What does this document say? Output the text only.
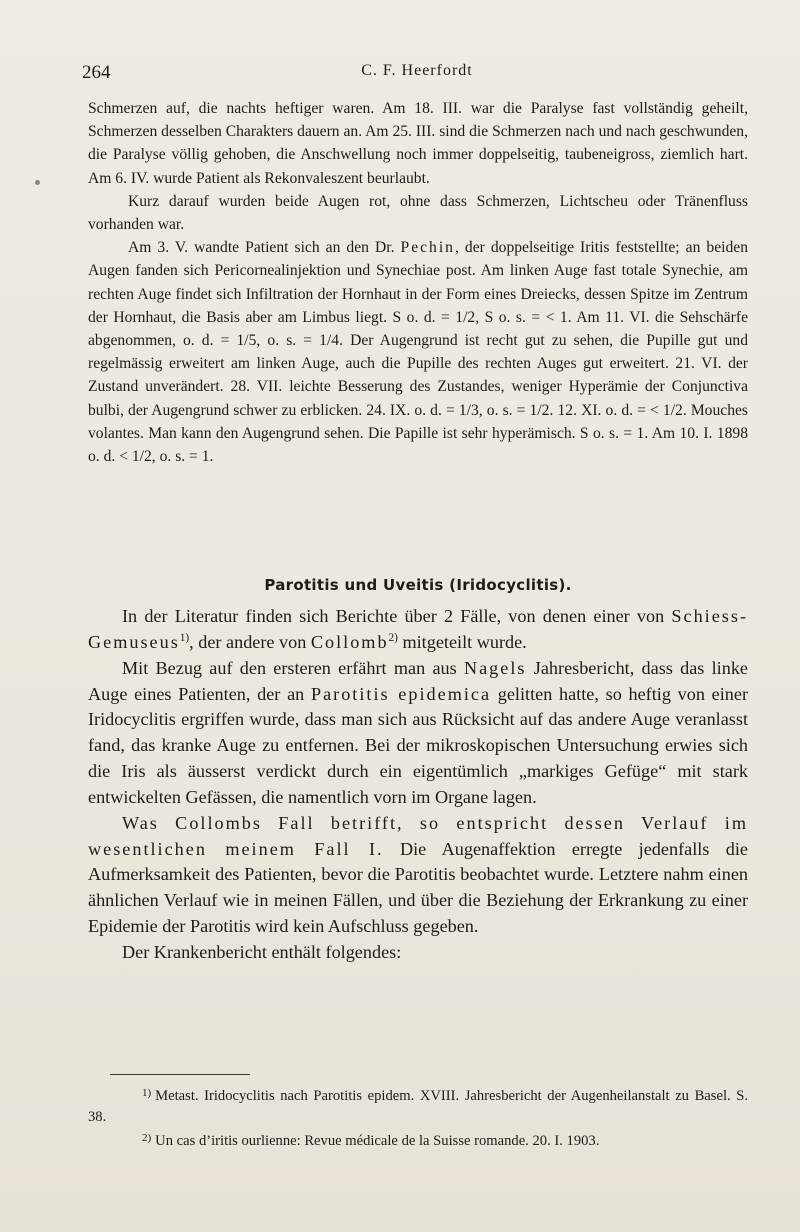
264	C. F. Heerfordt

Schmerzen auf, die nachts heftiger waren. Am 18. III. war die Paralyse fast vollständig geheilt, Schmerzen desselben Charakters dauern an. Am 25. III. sind die Schmerzen nach und nach geschwunden, die Paralyse völlig gehoben, die Anschwellung noch immer doppelseitig, taubeneigross, ziemlich hart. Am 6. IV. wurde Patient als Rekonvaleszent beurlaubt.

Kurz darauf wurden beide Augen rot, ohne dass Schmerzen, Lichtscheu oder Tränenfluss vorhanden war.

Am 3. V. wandte Patient sich an den Dr. Pechin, der doppelseitige Iritis feststellte; an beiden Augen fanden sich Pericornealinjektion und Synechiae post. Am linken Auge fast totale Synechie, am rechten Auge findet sich Infiltration der Hornhaut in der Form eines Dreiecks, dessen Spitze im Zentrum der Hornhaut, die Basis aber am Limbus liegt. S o. d. = 1/2, S o. s. = < 1. Am 11. VI. die Sehschärfe abgenommen, o. d. = 1/5, o. s. = 1/4. Der Augengrund ist recht gut zu sehen, die Pupille gut und regelmässig erweitert am linken Auge, auch die Pupille des rechten Auges gut erweitert. 21. VI. der Zustand unverändert. 28. VII. leichte Besserung des Zustandes, weniger Hyperämie der Conjunctiva bulbi, der Augengrund schwer zu erblicken. 24. IX. o. d. = 1/3, o. s. = 1/2. 12. XI. o. d. = < 1/2. Mouches volantes. Man kann den Augengrund sehen. Die Papille ist sehr hyperämisch. S o. s. = 1. Am 10. I. 1898 o. d. < 1/2, o. s. = 1.

Parotitis und Uveitis (Iridocyclitis).

In der Literatur finden sich Berichte über 2 Fälle, von denen einer von Schiess-Gemuseus$^{1)}$, der andere von Collomb$^{2)}$ mitgeteilt wurde.

Mit Bezug auf den ersteren erfährt man aus Nagels Jahresbericht, dass das linke Auge eines Patienten, der an Parotitis epidemica gelitten hatte, so heftig von einer Iridocyclitis ergriffen wurde, dass man sich aus Rücksicht auf das andere Auge veranlasst fand, das kranke Auge zu entfernen. Bei der mikroskopischen Untersuchung erwies sich die Iris als äusserst verdickt durch ein eigentümlich „markiges Gefüge“ mit stark entwickelten Gefässen, die namentlich vorn im Organe lagen.

Was Collombs Fall betrifft, so entspricht dessen Verlauf im wesentlichen meinem Fall I. Die Augenaffektion erregte jedenfalls die Aufmerksamkeit des Patienten, bevor die Parotitis beobachtet wurde. Letztere nahm einen ähnlichen Verlauf wie in meinen Fällen, und über die Beziehung der Erkrankung zu einer Epidemie der Parotitis wird kein Aufschluss gegeben.

Der Krankenbericht enthält folgendes:

$^{1)}$ Metast. Iridocyclitis nach Parotitis epidem. XVIII. Jahresbericht der Augenheilanstalt zu Basel. S. 38.

$^{2)}$ Un cas d’iritis ourlienne: Revue médicale de la Suisse romande. 20. I. 1903.
